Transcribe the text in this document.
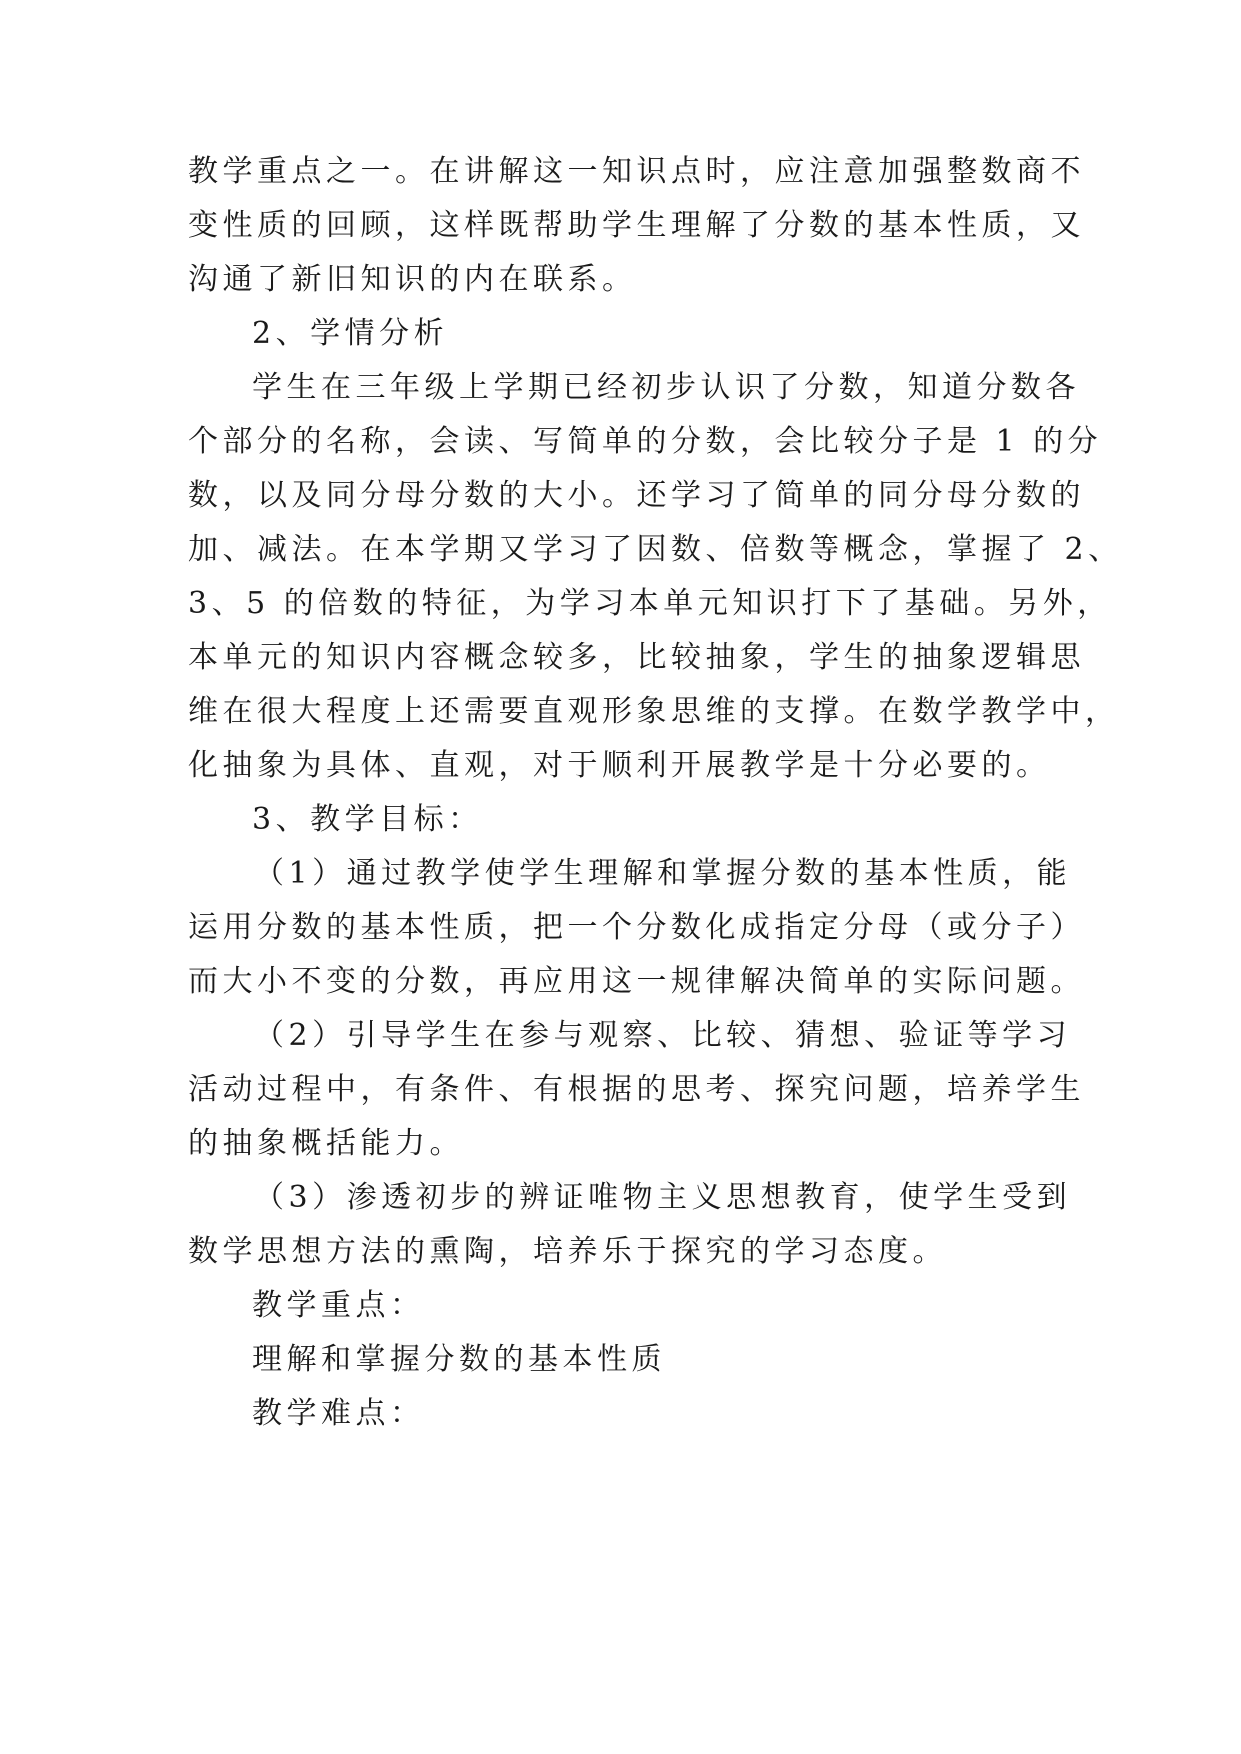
教学重点之一。在讲解这一知识点时，应注意加强整数商不
变性质的回顾，这样既帮助学生理解了分数的基本性质，又
沟通了新旧知识的内在联系。
2、学情分析
学生在三年级上学期已经初步认识了分数，知道分数各
个部分的名称，会读、写简单的分数，会比较分子是 1 的分
数，以及同分母分数的大小。还学习了简单的同分母分数的
加、减法。在本学期又学习了因数、倍数等概念，掌握了 2、
3、5 的倍数的特征，为学习本单元知识打下了基础。另外，
本单元的知识内容概念较多，比较抽象，学生的抽象逻辑思
维在很大程度上还需要直观形象思维的支撑。在数学教学中，
化抽象为具体、直观，对于顺利开展教学是十分必要的。
3、教学目标：
（1）通过教学使学生理解和掌握分数的基本性质，能
运用分数的基本性质，把一个分数化成指定分母（或分子）
而大小不变的分数，再应用这一规律解决简单的实际问题。
（2）引导学生在参与观察、比较、猜想、验证等学习
活动过程中，有条件、有根据的思考、探究问题，培养学生
的抽象概括能力。
（3）渗透初步的辨证唯物主义思想教育，使学生受到
数学思想方法的熏陶，培养乐于探究的学习态度。
教学重点：
理解和掌握分数的基本性质
教学难点：
